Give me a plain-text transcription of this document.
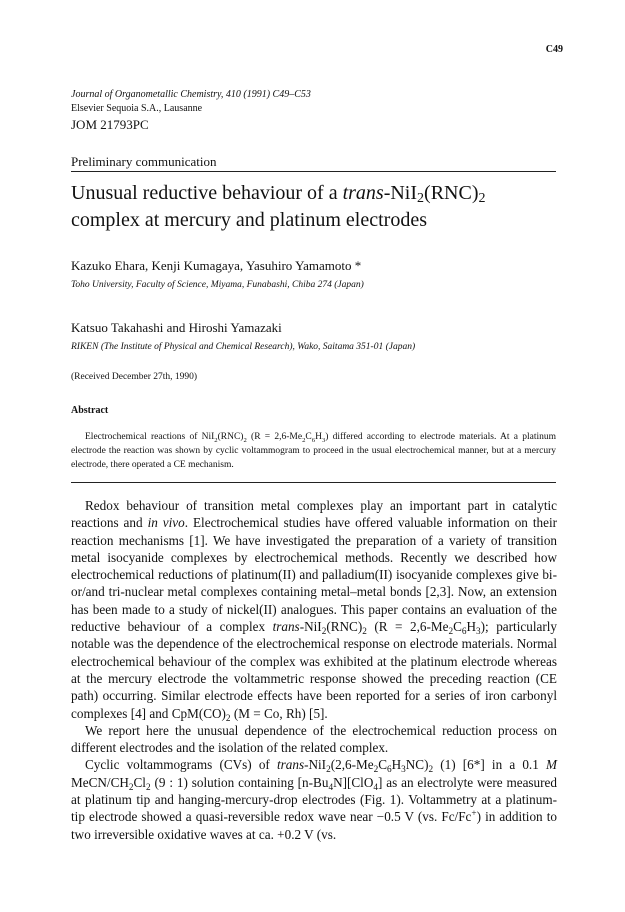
C49
Journal of Organometallic Chemistry, 410 (1991) C49–C53
Elsevier Sequoia S.A., Lausanne
JOM 21793PC
Preliminary communication
Unusual reductive behaviour of a trans-$NiI_2(RNC)_2$
complex at mercury and platinum electrodes
Kazuko Ehara, Kenji Kumagaya, Yasuhiro Yamamoto *
Toho University, Faculty of Science, Miyama, Funabashi, Chiba 274 (Japan)
Katsuo Takahashi and Hiroshi Yamazaki
RIKEN (The Institute of Physical and Chemical Research), Wako, Saitama 351-01 (Japan)
(Received December 27th, 1990)
Abstract

Electrochemical reactions of $NiI_2(RNC)_2$ $(R = 2,6-Me_2C_6H_3)$ differed according to electrode materials. At a platinum electrode the reaction was shown by cyclic voltammogram to proceed in the usual electrochemical manner, but at a mercury electrode, there operated a CE mechanism.

Redox behaviour of transition metal complexes play an important part in catalytic reactions and in vivo. Electrochemical studies have offered valuable information on their reaction mechanisms [1]. We have investigated the preparation of a variety of transition metal isocyanide complexes by electrochemical methods. Recently we described how electrochemical reductions of platinum(II) and palladium(II) isocyanide complexes give bi- or/and tri-nuclear metal complexes containing metal–metal bonds [2,3]. Now, an extension has been made to a study of nickel(II) analogues. This paper contains an evaluation of the reductive behaviour of a complex trans-$NiI_2(RNC)_2$ $(R = 2,6-Me_2C_6H_3)$; particularly notable was the dependence of the electrochemical response on electrode materials. Normal electrochemical behaviour of the complex was exhibited at the platinum electrode whereas at the mercury electrode the voltammetric response showed the preceding reaction (CE path) occurring. Similar electrode effects have been reported for a series of iron carbonyl complexes [4] and $CpM(CO)_2$ (M = Co, Rh) [5].

We report here the unusual dependence of the electrochemical reduction process on different electrodes and the isolation of the related complex.

Cyclic voltammograms (CVs) of trans-$NiI_2(2,6-Me_2C_6H_3NC)_2$ (1) [6*] in a 0.1 M MeCN/$CH_2Cl_2$ (9 : 1) solution containing $[n-Bu_4N][ClO_4]$ as an electrolyte were measured at platinum tip and hanging-mercury-drop electrodes (Fig. 1). Voltammetry at a platinum-tip electrode showed a quasi-reversible redox wave near −0.5 V (vs. Fc/Fc+) in addition to two irreversible oxidative waves at ca. +0.2 V (vs.
